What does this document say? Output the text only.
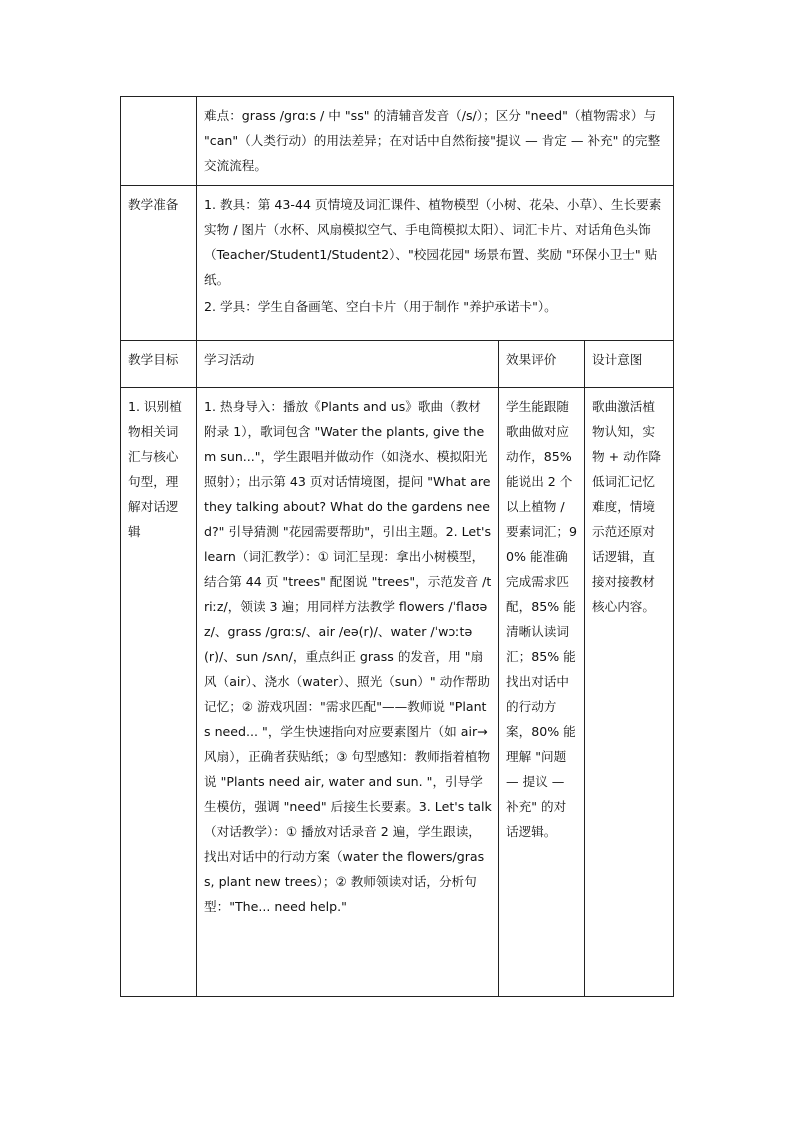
	难点：grass /grɑːs / 中 "ss" 的清辅音发音（/s/）；区分 "need"（植物需求）与 "can"（人类行动）的用法差异；在对话中自然衔接"提议 — 肯定 — 补充" 的完整交流流程。		

教学准备	1. 教具：第 43-44 页情境及词汇课件、植物模型（小树、花朵、小草）、生长要素实物 / 图片（水杯、风扇模拟空气、手电筒模拟太阳）、词汇卡片、对话角色头饰（Teacher/Student1/Student2）、"校园花园" 场景布置、奖励 "环保小卫士" 贴纸。

2. 学具：学生自备画笔、空白卡片（用于制作 "养护承诺卡"）。		

教学目标	学习活动	效果评价	设计意图
1. 识别植物相关词汇与核心句型，理解对话逻辑	1. 热身导入：播放《Plants and us》歌曲（教材附录 1），歌词包含 "Water the plants, give them sun..."，学生跟唱并做动作（如浇水、模拟阳光照射）；出示第 43 页对话情境图，提问 "What are they talking about? What do the gardens need?" 引导猜测 "花园需要帮助"，引出主题。2. Let's learn（词汇教学）：① 词汇呈现：拿出小树模型，结合第 44 页 "trees" 配图说 "trees"，示范发音 /triːz/，领读 3 遍；用同样方法教学 flowers /ˈflaʊəz/、grass /ɡrɑːs/、air /eə(r)/、water /ˈwɔːtə(r)/、sun /sʌn/，重点纠正 grass 的发音，用 "扇风（air）、浇水（water）、照光（sun）" 动作帮助记忆；② 游戏巩固："需求匹配"——教师说 "Plants need... "，学生快速指向对应要素图片（如 air→风扇），正确者获贴纸；③ 句型感知：教师指着植物说 "Plants need air, water and sun. "，引导学生模仿，强调 "need" 后接生长要素。3. Let's talk（对话教学）：① 播放对话录音 2 遍，学生跟读，找出对话中的行动方案（water the flowers/grass, plant new trees）；② 教师领读对话，分析句型："The... need help."	学生能跟随歌曲做对应动作，85% 能说出 2 个以上植物 / 要素词汇；90% 能准确完成需求匹配，85% 能清晰认读词汇；85% 能找出对话中的行动方案，80% 能理解 "问题 — 提议 — 补充" 的对话逻辑。	歌曲激活植物认知，实物 + 动作降低词汇记忆难度，情境示范还原对话逻辑，直接对接教材核心内容。
